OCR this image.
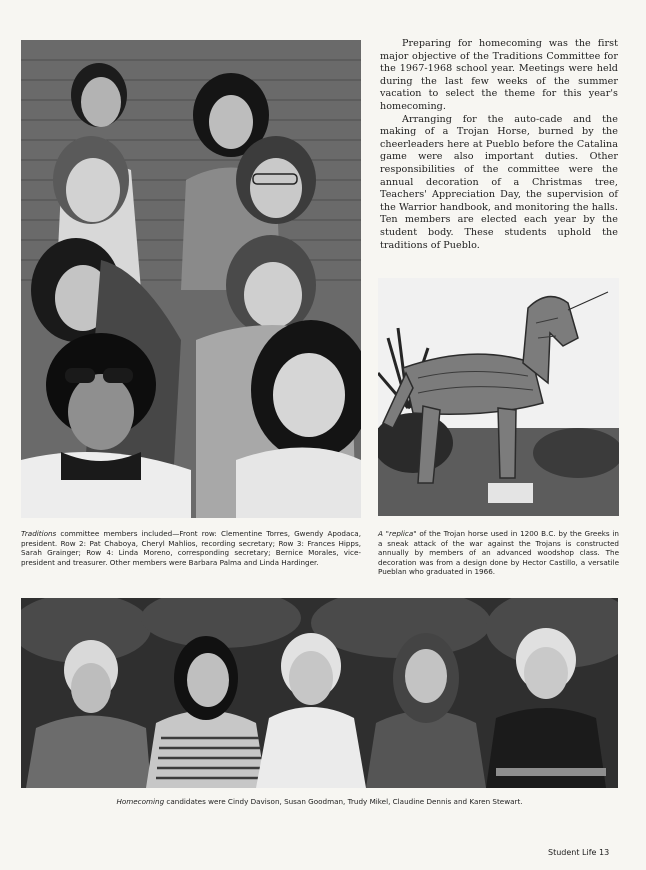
Preparing for homecoming was the first major objective of the Traditions Committee for the 1967-1968 school year. Meetings were held during the last few weeks of the summer vacation to select the theme for this year's homecoming.

Arranging for the auto-cade and the making of a Trojan Horse, burned by the cheerleaders here at Pueblo before the Catalina game were also important duties. Other responsibilities of the committee were the annual decoration of a Christmas tree, Teachers' Appreciation Day, the supervision of the Warrior handbook, and monitoring the halls. Ten members are elected each year by the student body. These students uphold the traditions of Pueblo.

Traditions committee members included—Front row: Clementine Torres, Gwendy Apodaca, president. Row 2: Pat Chaboya, Cheryl Mahlios, recording secretary; Row 3: Frances Hipps, Sarah Grainger; Row 4: Linda Moreno, corresponding secretary; Bernice Morales, vice-president and treasurer. Other members were Barbara Palma and Linda Hardinger.
A "replica" of the Trojan horse used in 1200 B.C. by the Greeks in a sneak attack of the war against the Trojans is constructed annually by members of an advanced woodshop class. The decoration was from a design done by Hector Castillo, a versatile Pueblan who graduated in 1966.
Homecoming candidates were Cindy Davison, Susan Goodman, Trudy Mikel, Claudine Dennis and Karen Stewart.
Student Life 13
